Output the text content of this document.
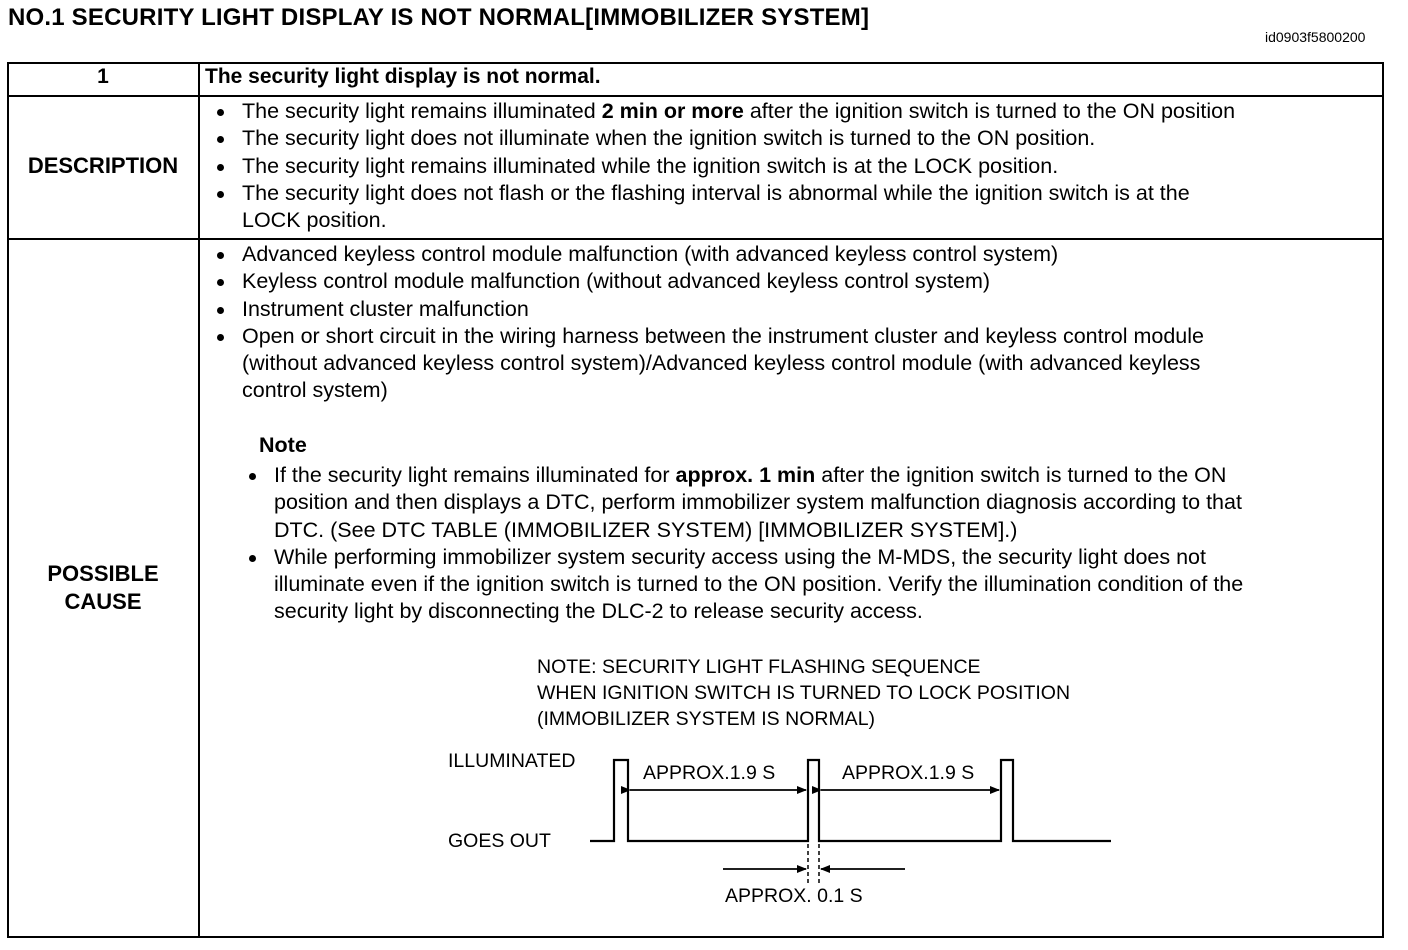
NO.1 SECURITY LIGHT DISPLAY IS NOT NORMAL[IMMOBILIZER SYSTEM]
id0903f5800200
1	The security light display is not normal.
DESCRIPTION
The security light remains illuminated 2 min or more after the ignition switch is turned to the ON position
The security light does not illuminate when the ignition switch is turned to the ON position.
The security light remains illuminated while the ignition switch is at the LOCK position.
The security light does not flash or the flashing interval is abnormal while the ignition switch is at the
LOCK position.
POSSIBLE
CAUSE
Advanced keyless control module malfunction (with advanced keyless control system)
Keyless control module malfunction (without advanced keyless control system)
Instrument cluster malfunction
Open or short circuit in the wiring harness between the instrument cluster and keyless control module
(without advanced keyless control system)/Advanced keyless control module (with advanced keyless
control system)
Note
If the security light remains illuminated for approx. 1 min after the ignition switch is turned to the ON
position and then displays a DTC, perform immobilizer system malfunction diagnosis according to that
DTC. (See DTC TABLE (IMMOBILIZER SYSTEM) [IMMOBILIZER SYSTEM].)
While performing immobilizer system security access using the M-MDS, the security light does not
illuminate even if the ignition switch is turned to the ON position. Verify the illumination condition of the
security light by disconnecting the DLC-2 to release security access.
NOTE: SECURITY LIGHT FLASHING SEQUENCE
WHEN IGNITION SWITCH IS TURNED TO LOCK POSITION
(IMMOBILIZER SYSTEM IS NORMAL)
ILLUMINATED
GOES OUT
APPROX.1.9 S	APPROX.1.9 S
APPROX. 0.1 S
